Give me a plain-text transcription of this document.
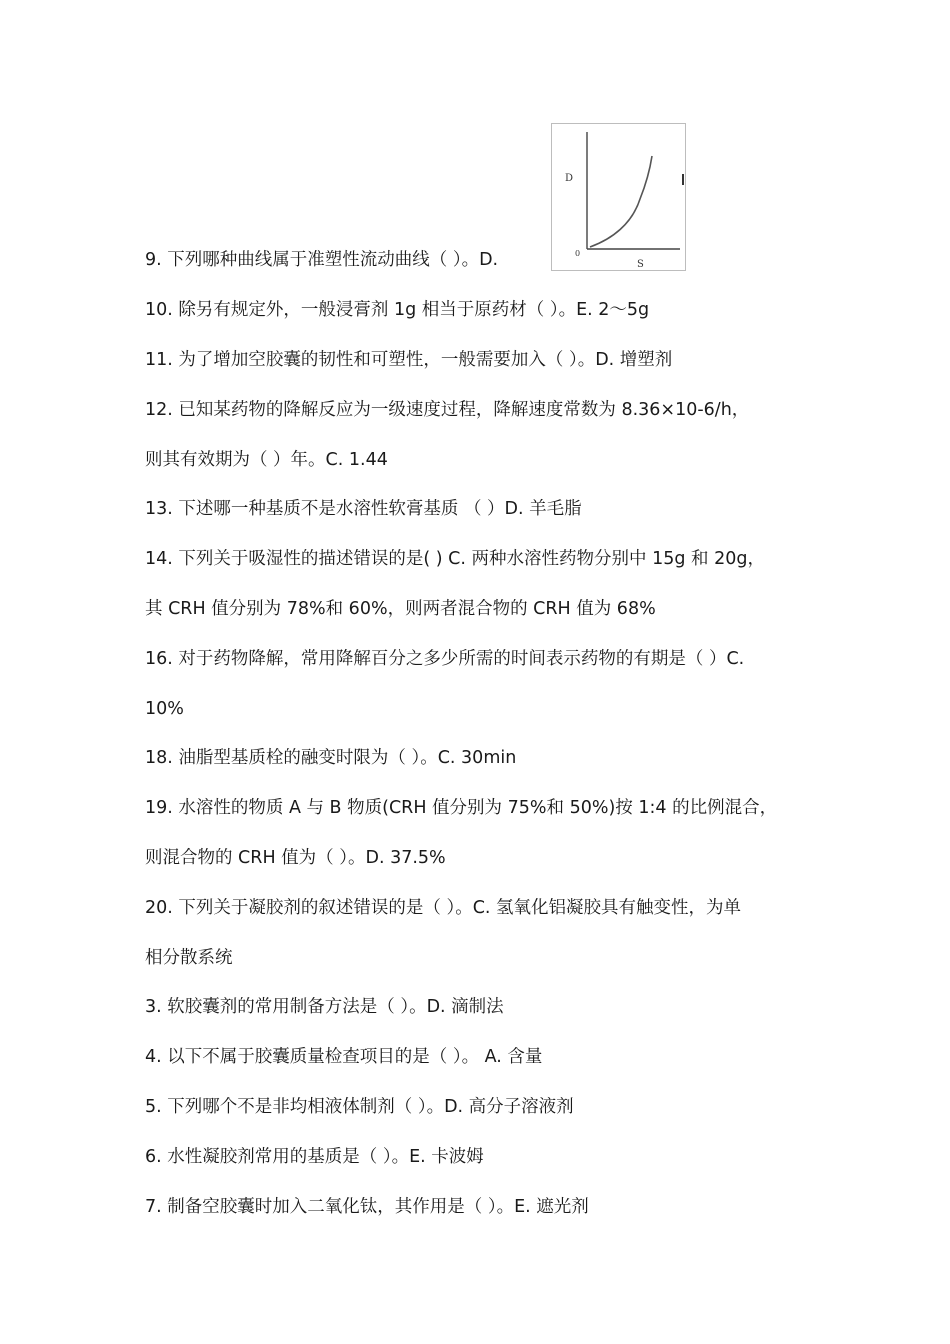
9. 下列哪种曲线属于准塑性流动曲线（ ）。D.
10. 除另有规定外，一般浸膏剂 1g 相当于原药材（ ）。E. 2～5g
11. 为了增加空胶囊的韧性和可塑性，一般需要加入（ ）。D. 增塑剂
12. 已知某药物的降解反应为一级速度过程，降解速度常数为 8.36×10-6/h，
则其有效期为（ ）年。C. 1.44
13. 下述哪一种基质不是水溶性软膏基质 （ ）D. 羊毛脂
14. 下列关于吸湿性的描述错误的是( ) C. 两种水溶性药物分别中 15g 和 20g，
其 CRH 值分别为 78%和 60%，则两者混合物的 CRH 值为 68%
16. 对于药物降解，常用降解百分之多少所需的时间表示药物的有期是（ ）C.
10%
18. 油脂型基质栓的融变时限为（ ）。C. 30min
19. 水溶性的物质 A 与 B 物质(CRH 值分别为 75%和 50%)按 1:4 的比例混合，
则混合物的 CRH 值为（ ）。D. 37.5%
20. 下列关于凝胶剂的叙述错误的是（ ）。C. 氢氧化铝凝胶具有触变性，为单
相分散系统
3. 软胶囊剂的常用制备方法是（ ）。D. 滴制法
4. 以下不属于胶囊质量检查项目的是（ ）。 A. 含量
5. 下列哪个不是非均相液体制剂（ ）。D. 高分子溶液剂
6. 水性凝胶剂常用的基质是（ ）。E. 卡波姆
7. 制备空胶囊时加入二氧化钛，其作用是（ ）。E. 遮光剂
D
0
S
